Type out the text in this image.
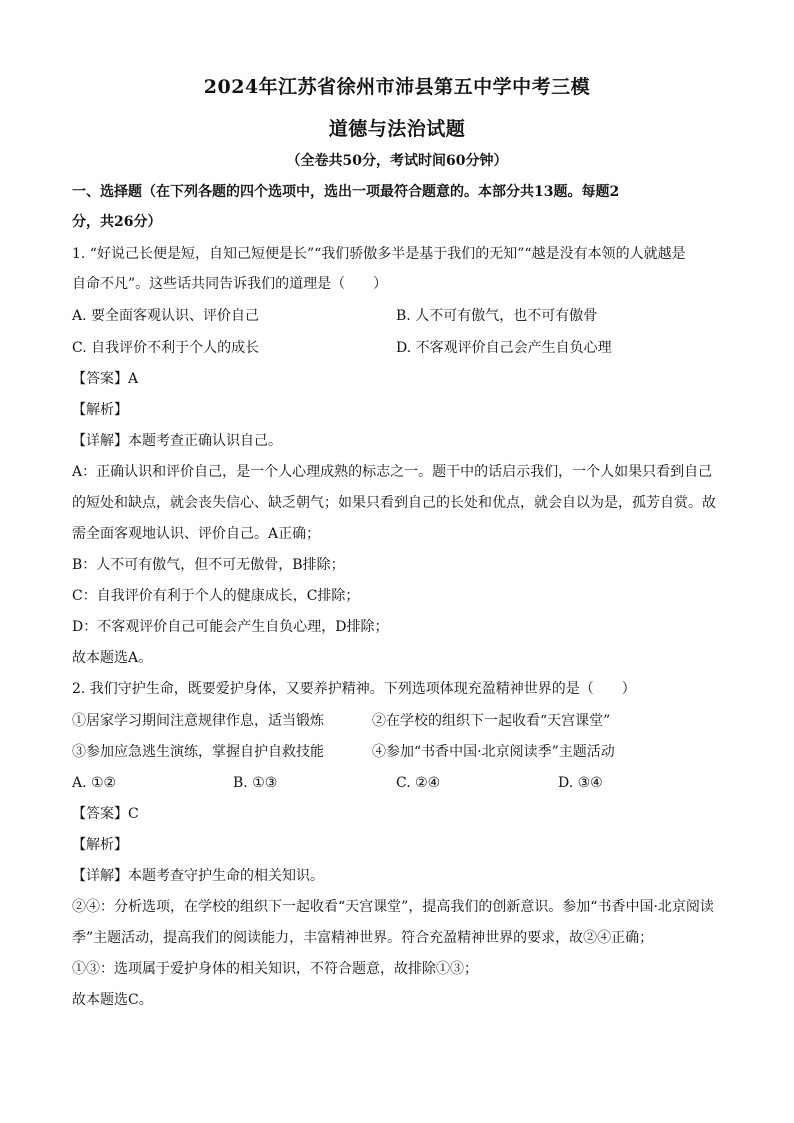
2024年江苏省徐州市沛县第五中学中考三模
道德与法治试题
（全卷共50分，考试时间60分钟）
一、选择题（在下列各题的四个选项中，选出一项最符合题意的。本部分共13题。每题2
分，共26分）
1. “好说己长便是短，自知己短便是长”“我们骄傲多半是基于我们的无知”“越是没有本领的人就越是
自命不凡”。这些话共同告诉我们的道理是（　　）
A. 要全面客观认识、评价自己	B. 人不可有傲气，也不可有傲骨
C. 自我评价不利于个人的成长	D. 不客观评价自己会产生自负心理
【答案】A
【解析】
【详解】本题考查正确认识自己。
A：正确认识和评价自己，是一个人心理成熟的标志之一。题干中的话启示我们，一个人如果只看到自己
的短处和缺点，就会丧失信心、缺乏朝气；如果只看到自己的长处和优点，就会自以为是，孤芳自赏。故
需全面客观地认识、评价自己。A正确；
B：人不可有傲气，但不可无傲骨，B排除；
C：自我评价有利于个人的健康成长，C排除；
D：不客观评价自己可能会产生自负心理，D排除；
故本题选A。
2. 我们守护生命，既要爱护身体，又要养护精神。下列选项体现充盈精神世界的是（　　）
①居家学习期间注意规律作息，适当锻炼	②在学校的组织下一起收看“天宫课堂”
③参加应急逃生演练，掌握自护自救技能	④参加“书香中国·北京阅读季”主题活动
A. ①②	B. ①③	C. ②④	D. ③④
【答案】C
【解析】
【详解】本题考查守护生命的相关知识。
②④：分析选项，在学校的组织下一起收看“天宫课堂”，提高我们的创新意识。参加“书香中国·北京阅读
季”主题活动，提高我们的阅读能力，丰富精神世界。符合充盈精神世界的要求，故②④正确；
①③：选项属于爱护身体的相关知识，不符合题意，故排除①③；
故本题选C。
